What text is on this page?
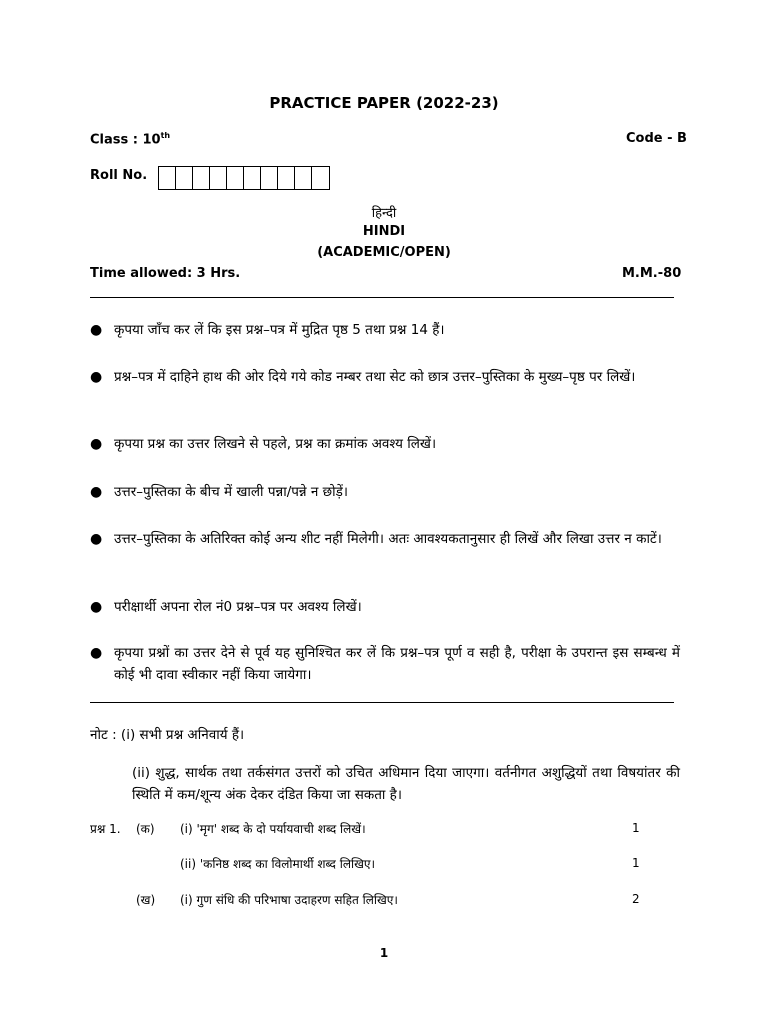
PRACTICE PAPER (2022-23)
Class : 10th	Code - B
Roll No.
हिन्दी
HINDI
(ACADEMIC/OPEN)
Time allowed: 3 Hrs.	M.M.-80
● कृपया जाँच कर लें कि इस प्रश्न–पत्र में मुद्रित पृष्ठ 5 तथा प्रश्न 14 हैं।
● प्रश्न–पत्र में दाहिने हाथ की ओर दिये गये कोड नम्बर तथा सेट को छात्र उत्तर–पुस्तिका के मुख्य–पृष्ठ पर लिखें।
● कृपया प्रश्न का उत्तर लिखने से पहले, प्रश्न का क्रमांक अवश्य लिखें।
● उत्तर–पुस्तिका के बीच में खाली पन्ना/पन्ने न छोड़ें।
● उत्तर–पुस्तिका के अतिरिक्त कोई अन्य शीट नहीं मिलेगी। अतः आवश्यकतानुसार ही लिखें और लिखा उत्तर न काटें।
● परीक्षार्थी अपना रोल नं0 प्रश्न–पत्र पर अवश्य लिखें।
● कृपया प्रश्नों का उत्तर देने से पूर्व यह सुनिश्चित कर लें कि प्रश्न–पत्र पूर्ण व सही है, परीक्षा के उपरान्त इस सम्बन्ध में कोई भी दावा स्वीकार नहीं किया जायेगा।
नोट : (i) सभी प्रश्न अनिवार्य हैं।
(ii) शुद्ध, सार्थक तथा तर्कसंगत उत्तरों को उचित अधिमान दिया जाएगा। वर्तनीगत अशुद्धियों तथा विषयांतर की स्थिति में कम/शून्य अंक देकर दंडित किया जा सकता है।
प्रश्न 1. (क) (i) 'मृग' शब्द के दो पर्यायवाची शब्द लिखें।	1
(ii) 'कनिष्ठ शब्द का विलोमार्थी शब्द लिखिए।	1
(ख) (i) गुण संधि की परिभाषा उदाहरण सहित लिखिए।	2
1
